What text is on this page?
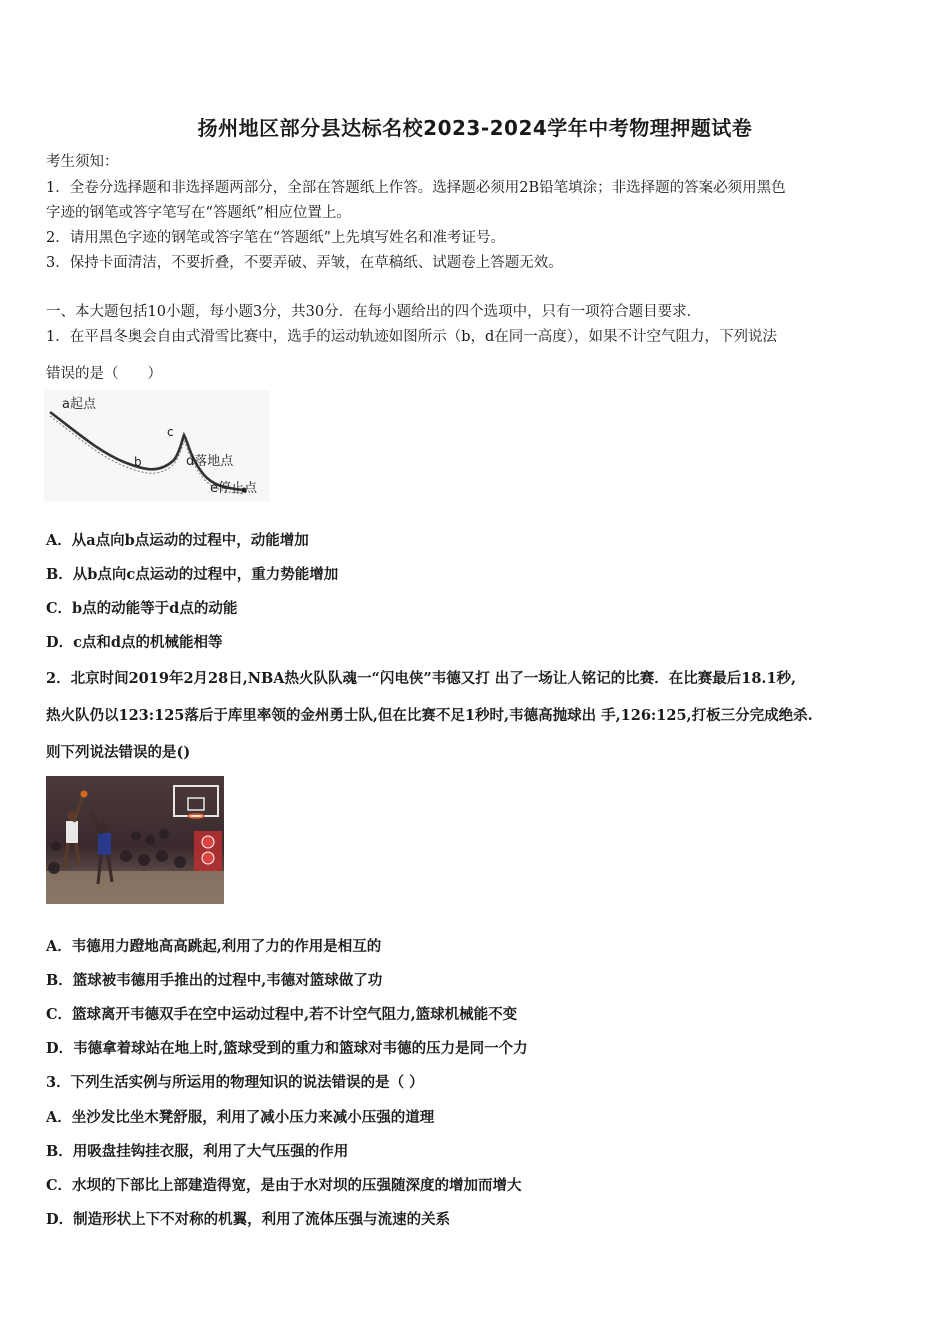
扬州地区部分县达标名校2023-2024学年中考物理押题试卷
考生须知：
1．全卷分选择题和非选择题两部分，全部在答题纸上作答。选择题必须用2B铅笔填涂；非选择题的答案必须用黑色
字迹的钢笔或答字笔写在“答题纸”相应位置上。
2．请用黑色字迹的钢笔或答字笔在“答题纸”上先填写姓名和准考证号。
3．保持卡面清洁，不要折叠，不要弄破、弄皱，在草稿纸、试题卷上答题无效。
一、本大题包括10小题，每小题3分，共30分．在每小题给出的四个选项中，只有一项符合题目要求．
1．在平昌冬奥会自由式滑雪比赛中，选手的运动轨迹如图所示（b，d在同一高度），如果不计空气阻力，下列说法
错误的是（　　）
a起点
b
c
d落地点
e停止点
A．从a点向b点运动的过程中，动能增加
B．从b点向c点运动的过程中，重力势能增加
C．b点的动能等于d点的动能
D．c点和d点的机械能相等
2．北京时间2019年2月28日,NBA热火队队魂一“闪电侠”韦德又打 出了一场让人铭记的比赛．在比赛最后18.1秒,
热火队仍以123:125落后于库里率领的金州勇士队,但在比赛不足1秒时,韦德高抛球出 手,126:125,打板三分完成绝杀.
则下列说法错误的是()
A．韦德用力蹬地高高跳起,利用了力的作用是相互的
B．篮球被韦德用手推出的过程中,韦德对篮球做了功
C．篮球离开韦德双手在空中运动过程中,若不计空气阻力,篮球机械能不变
D．韦德拿着球站在地上时,篮球受到的重力和篮球对韦德的压力是同一个力
3．下列生活实例与所运用的物理知识的说法错误的是（ ）
A．坐沙发比坐木凳舒服，利用了减小压力来减小压强的道理
B．用吸盘挂钩挂衣服，利用了大气压强的作用
C．水坝的下部比上部建造得宽，是由于水对坝的压强随深度的增加而增大
D．制造形状上下不对称的机翼，利用了流体压强与流速的关系
